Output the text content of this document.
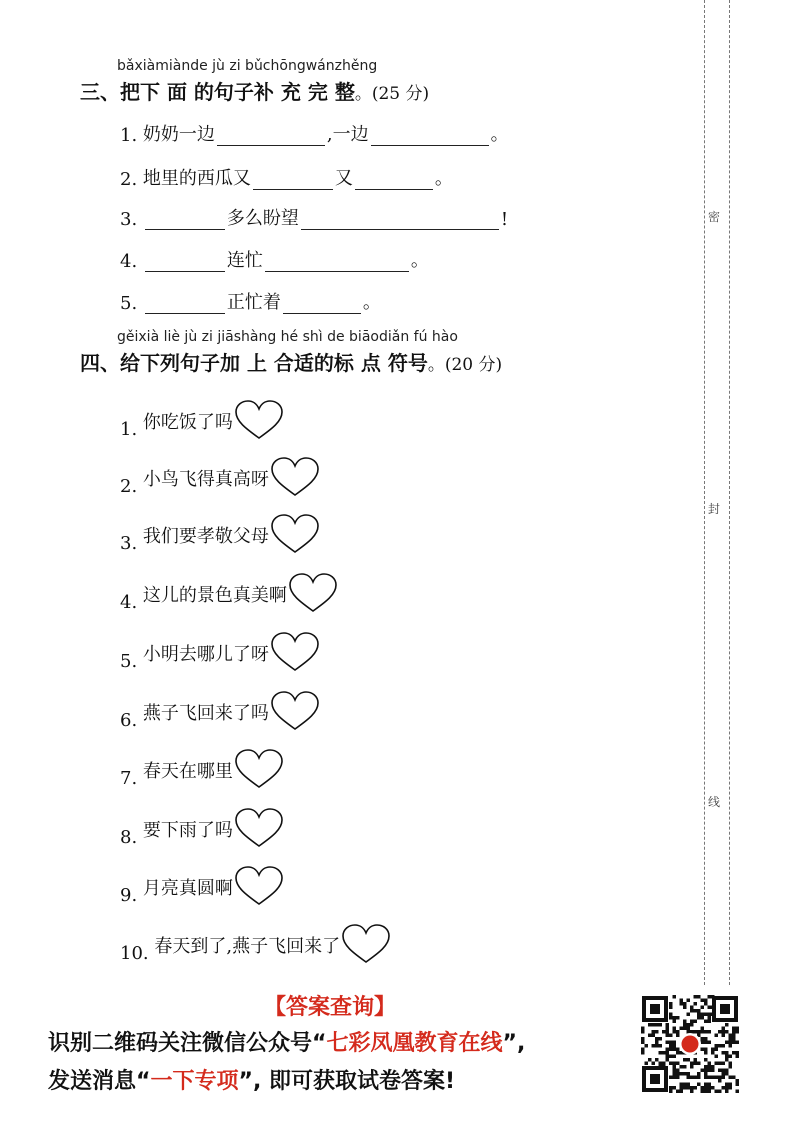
bǎxiàmiànde jù zi bǔchōngwánzhěng
三、把下 面 的句子补 充 完 整。(25 分)
1.
奶奶一边	,一边	。
2.
地里的西瓜又	又	。
3.
	多么盼望	!
4.
	连忙	。
5.
	正忙着	。
gěixià liè jù zi jiāshàng hé shì de biāodiǎn fú hào
四、给下列句子加 上 合适的标 点 符号。(20 分)
1.
你吃饭了吗
2.
小鸟飞得真高呀
3.
我们要孝敬父母
4.
这儿的景色真美啊
5.
小明去哪儿了呀
6.
燕子飞回来了吗
7.
春天在哪里
8.
要下雨了吗
9.
月亮真圆啊
10.
春天到了,燕子飞回来了
密
封
线
【答案查询】
识别二维码关注微信公众号“七彩凤凰教育在线”,
发送消息“一下专项”, 即可获取试卷答案!
